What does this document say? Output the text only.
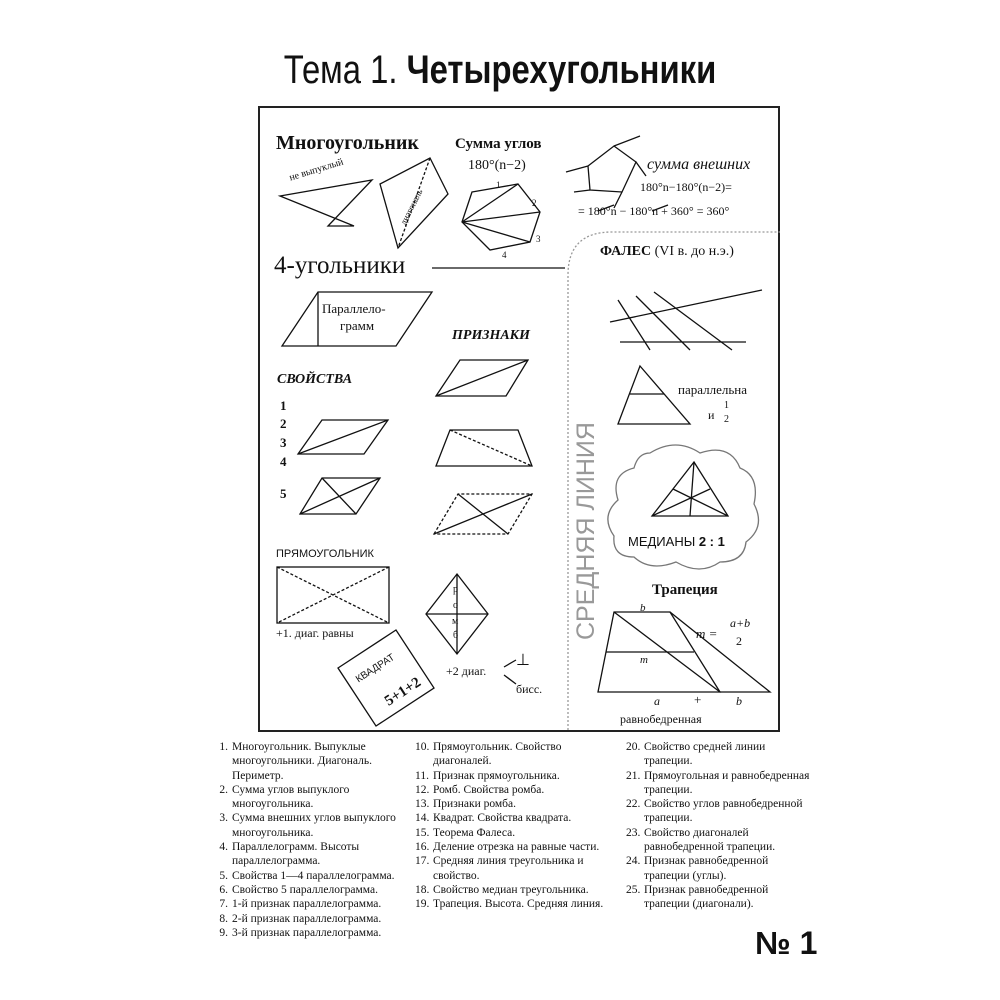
Тема 1. Четырехугольники
Многоугольник
не выпуклый
диагональ
Сумма углов
180°(n−2)
1
2
3
4
сумма внешних
180°n−180°(n−2)=
= 180°n − 180°n + 360° = 360°
4-угольники
Параллело-
грамм
СВОЙСТВА
1
2
3
4
5
ПРИЗНАКИ
ПРЯМОУГОЛЬНИК
+1. диаг. равны
р
о
м
б
КВАДРАТ
5+1+2
+2 диаг.
⊥
бисс.
ФАЛЕС (VI в. до н.э.)
СРЕДНЯЯ ЛИНИЯ
параллельна
и
1
2
МЕДИАНЫ 2 : 1
Трапеция
b
m
m =
a+b
2
a	+	b
равнобедренная
1. Многоугольник. Выпуклые многоугольники. Диагональ. Периметр.
2. Сумма углов выпуклого многоугольника.
3. Сумма внешних углов выпуклого многоугольника.
4. Параллелограмм. Высоты параллелограмма.
5. Свойства 1—4 параллелограмма.
6. Свойство 5 параллелограмма.
7. 1-й признак параллелограмма.
8. 2-й признак параллелограмма.
9. 3-й признак параллелограмма.
10. Прямоугольник. Свойство диагоналей.
11. Признак прямоугольника.
12. Ромб. Свойства ромба.
13. Признаки ромба.
14. Квадрат. Свойства квадрата.
15. Теорема Фалеса.
16. Деление отрезка на равные части.
17. Средняя линия треугольника и свойство.
18. Свойство медиан треугольника.
19. Трапеция. Высота. Средняя линия.
20. Свойство средней линии трапеции.
21. Прямоугольная и равнобедренная трапеции.
22. Свойство углов равнобедренной трапеции.
23. Свойство диагоналей равнобедренной трапеции.
24. Признак равнобедренной трапеции (углы).
25. Признак равнобедренной трапеции (диагонали).
№ 1
